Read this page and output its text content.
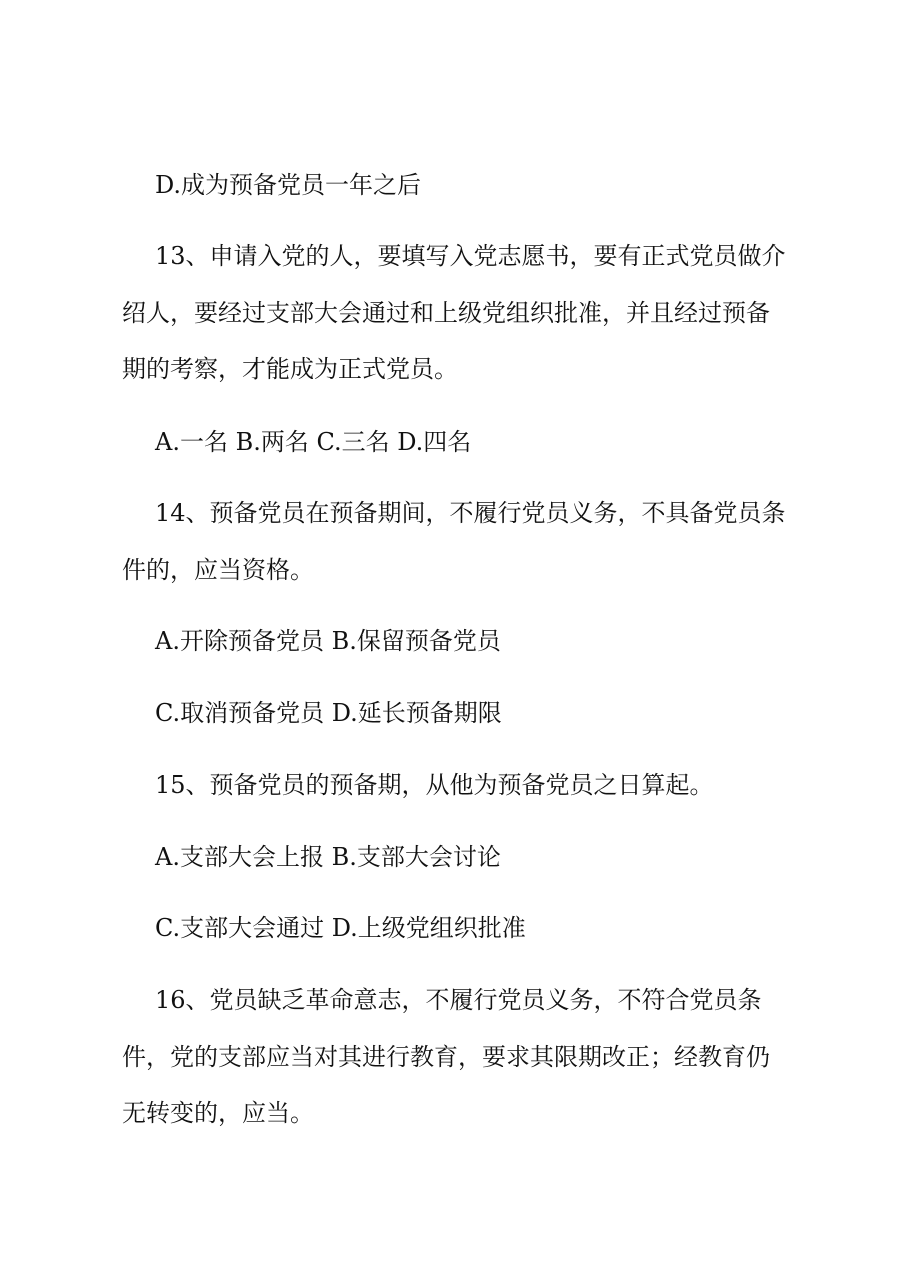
D.成为预备党员一年之后

13、申请入党的人，要填写入党志愿书，要有正式党员做介

绍人，要经过支部大会通过和上级党组织批准，并且经过预备

期的考察，才能成为正式党员。

A.一名 B.两名 C.三名 D.四名

14、预备党员在预备期间，不履行党员义务，不具备党员条

件的，应当资格。

A.开除预备党员 B.保留预备党员

C.取消预备党员 D.延长预备期限

15、预备党员的预备期，从他为预备党员之日算起。

A.支部大会上报 B.支部大会讨论

C.支部大会通过 D.上级党组织批准

16、党员缺乏革命意志，不履行党员义务，不符合党员条

件，党的支部应当对其进行教育，要求其限期改正；经教育仍

无转变的，应当。
